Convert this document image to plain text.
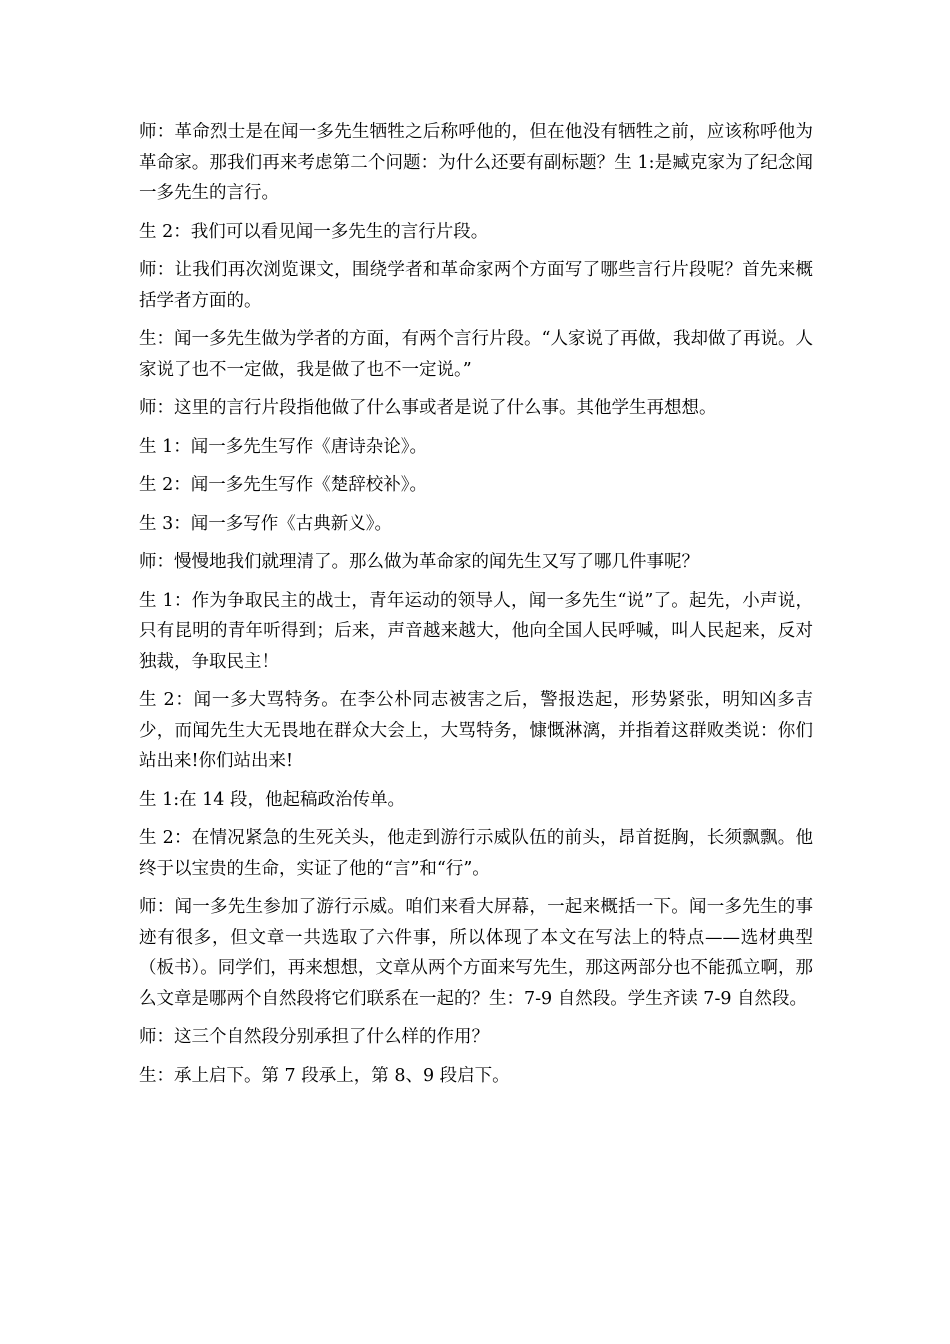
师：革命烈士是在闻一多先生牺牲之后称呼他的，但在他没有牺牲之前，应该称呼他为革命家。那我们再来考虑第二个问题：为什么还要有副标题？生 1:是臧克家为了纪念闻一多先生的言行。

生 2：我们可以看见闻一多先生的言行片段。

师：让我们再次浏览课文，围绕学者和革命家两个方面写了哪些言行片段呢？首先来概括学者方面的。

生：闻一多先生做为学者的方面，有两个言行片段。“人家说了再做，我却做了再说。人家说了也不一定做，我是做了也不一定说。”

师：这里的言行片段指他做了什么事或者是说了什么事。其他学生再想想。

生 1：闻一多先生写作《唐诗杂论》。

生 2：闻一多先生写作《楚辞校补》。

生 3：闻一多写作《古典新义》。

师：慢慢地我们就理清了。那么做为革命家的闻先生又写了哪几件事呢？

生 1：作为争取民主的战士，青年运动的领导人，闻一多先生“说”了。起先，小声说，只有昆明的青年听得到；后来，声音越来越大，他向全国人民呼喊，叫人民起来，反对独裁，争取民主！

生 2：闻一多大骂特务。在李公朴同志被害之后，警报迭起，形势紧张，明知凶多吉少，而闻先生大无畏地在群众大会上，大骂特务，慷慨淋漓，并指着这群败类说：你们站出来!你们站出来!

生 1:在 14 段，他起稿政治传单。

生 2：在情况紧急的生死关头，他走到游行示威队伍的前头，昂首挺胸，长须飘飘。他终于以宝贵的生命，实证了他的“言”和“行”。

师：闻一多先生参加了游行示威。咱们来看大屏幕，一起来概括一下。闻一多先生的事迹有很多，但文章一共选取了六件事，所以体现了本文在写法上的特点——选材典型（板书）。同学们，再来想想，文章从两个方面来写先生，那这两部分也不能孤立啊，那么文章是哪两个自然段将它们联系在一起的？生：7-9 自然段。学生齐读 7-9 自然段。

师：这三个自然段分别承担了什么样的作用？

生：承上启下。第 7 段承上，第 8、9 段启下。
